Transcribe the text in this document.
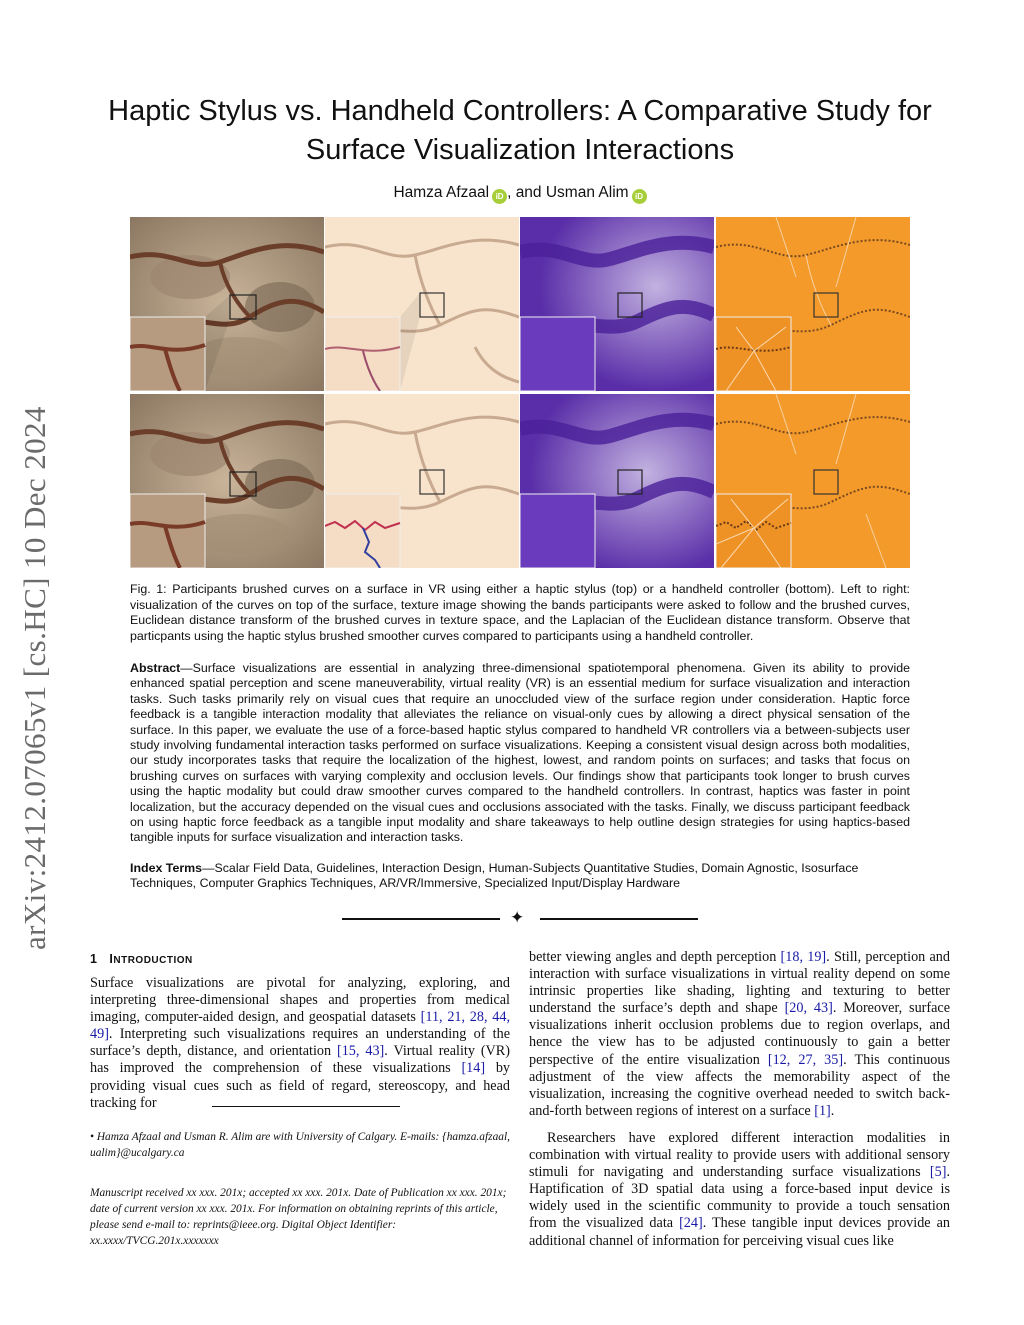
arXiv:2412.07065v1 [cs.HC] 10 Dec 2024
Haptic Stylus vs. Handheld Controllers: A Comparative Study for
Surface Visualization Interactions
Hamza Afzaal iD , and Usman Alim iD
Fig. 1: Participants brushed curves on a surface in VR using either a haptic stylus (top) or a handheld controller (bottom). Left to right: visualization of the curves on top of the surface, texture image showing the bands participants were asked to follow and the brushed curves, Euclidean distance transform of the brushed curves in texture space, and the Laplacian of the Euclidean distance transform. Observe that particpants using the haptic stylus brushed smoother curves compared to participants using a handheld controller.
Abstract—Surface visualizations are essential in analyzing three-dimensional spatiotemporal phenomena. Given its ability to provide enhanced spatial perception and scene maneuverability, virtual reality (VR) is an essential medium for surface visualization and interaction tasks. Such tasks primarily rely on visual cues that require an unoccluded view of the surface region under consideration. Haptic force feedback is a tangible interaction modality that alleviates the reliance on visual-only cues by allowing a direct physical sensation of the surface. In this paper, we evaluate the use of a force-based haptic stylus compared to handheld VR controllers via a between-subjects user study involving fundamental interaction tasks performed on surface visualizations. Keeping a consistent visual design across both modalities, our study incorporates tasks that require the localization of the highest, lowest, and random points on surfaces; and tasks that focus on brushing curves on surfaces with varying complexity and occlusion levels. Our findings show that participants took longer to brush curves using the haptic modality but could draw smoother curves compared to the handheld controllers. In contrast, haptics was faster in point localization, but the accuracy depended on the visual cues and occlusions associated with the tasks. Finally, we discuss participant feedback on using haptic force feedback as a tangible input modality and share takeaways to help outline design strategies for using haptics-based tangible inputs for surface visualization and interaction tasks.
Index Terms—Scalar Field Data, Guidelines, Interaction Design, Human-Subjects Quantitative Studies, Domain Agnostic, Isosurface Techniques, Computer Graphics Techniques, AR/VR/Immersive, Specialized Input/Display Hardware
✦
1 INTRODUCTION
Surface visualizations are pivotal for analyzing, exploring, and interpreting three-dimensional shapes and properties from medical imaging, computer-aided design, and geospatial datasets [11, 21, 28, 44, 49]. Interpreting such visualizations requires an understanding of the surface’s depth, distance, and orientation [15, 43]. Virtual reality (VR) has improved the comprehension of these visualizations [14] by providing visual cues such as field of regard, stereoscopy, and head tracking for
• Hamza Afzaal and Usman R. Alim are with University of Calgary. E-mails: {hamza.afzaal, ualim}@ucalgary.ca
Manuscript received xx xxx. 201x; accepted xx xxx. 201x. Date of Publication xx xxx. 201x; date of current version xx xxx. 201x. For information on obtaining reprints of this article, please send e-mail to: reprints@ieee.org. Digital Object Identifier: xx.xxxx/TVCG.201x.xxxxxxx
better viewing angles and depth perception [18, 19]. Still, perception and interaction with surface visualizations in virtual reality depend on some intrinsic properties like shading, lighting and texturing to better understand the surface’s depth and shape [20, 43]. Moreover, surface visualizations inherit occlusion problems due to region overlaps, and hence the view has to be adjusted continuously to gain a better perspective of the entire visualization [12, 27, 35]. This continuous adjustment of the view affects the memorability aspect of the visualization, increasing the cognitive overhead needed to switch back-and-forth between regions of interest on a surface [1].
Researchers have explored different interaction modalities in combination with virtual reality to provide users with additional sensory stimuli for navigating and understanding surface visualizations [5]. Haptification of 3D spatial data using a force-based input device is widely used in the scientific community to provide a touch sensation from the visualized data [24]. These tangible input devices provide an additional channel of information for perceiving visual cues like
